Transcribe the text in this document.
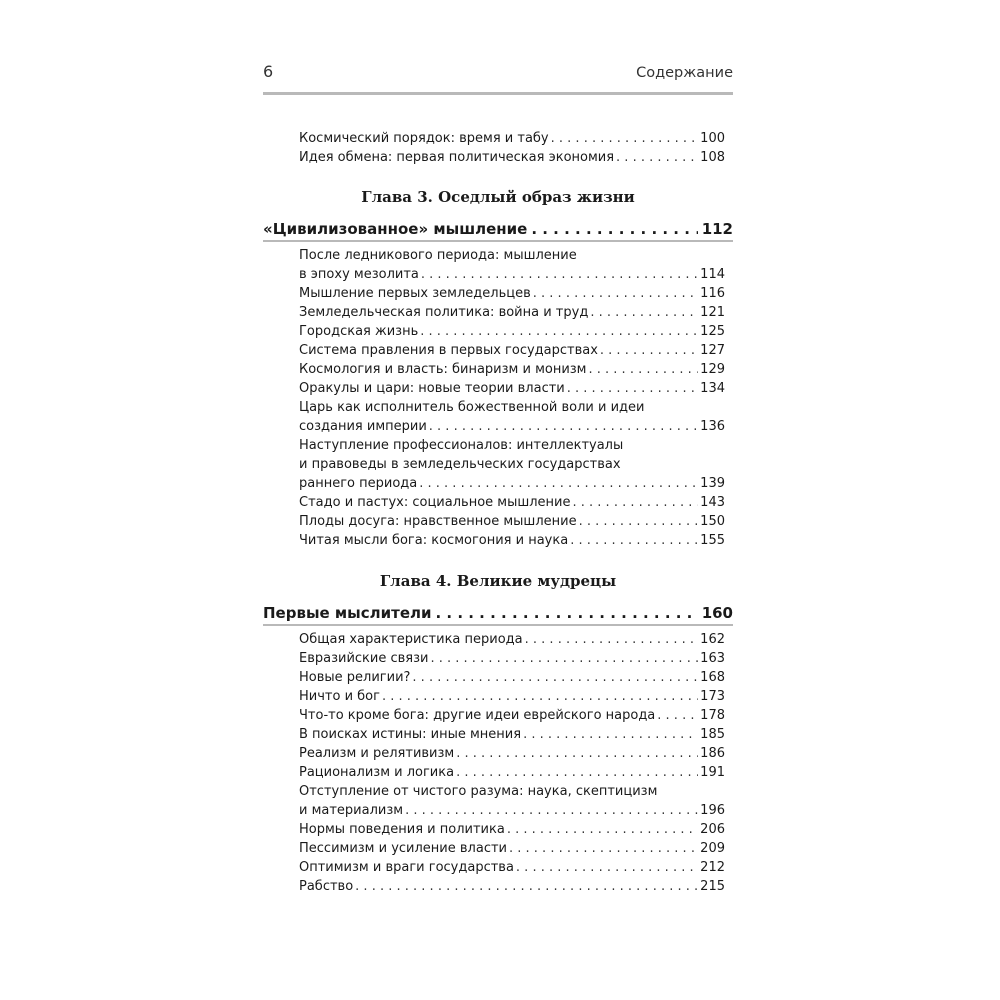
6	Содержание
Космический порядок: время и табу . . .	100
Идея обмена: первая политическая экономия . . .	108
Глава 3. Оседлый образ жизни
«Цивилизованное» мышление . . .	112
После ледникового периода: мышление
в эпоху мезолита . . .	114
Мышление первых земледельцев . . .	116
Земледельческая политика: война и труд . . .	121
Городская жизнь . . .	125
Система правления в первых государствах . . .	127
Космология и власть: бинаризм и монизм . . .	129
Оракулы и цари: новые теории власти . . .	134
Царь как исполнитель божественной воли и идеи
создания империи . . .	136
Наступление профессионалов: интеллектуалы
и правоведы в земледельческих государствах
раннего периода . . .	139
Стадо и пастух: социальное мышление . . .	143
Плоды досуга: нравственное мышление . . .	150
Читая мысли бога: космогония и наука . . .	155
Глава 4. Великие мудрецы
Первые мыслители . . .	160
Общая характеристика периода . . .	162
Евразийские связи . . .	163
Новые религии? . . .	168
Ничто и бог . . .	173
Что-то кроме бога: другие идеи еврейского народа . . .	178
В поисках истины: иные мнения . . .	185
Реализм и релятивизм . . .	186
Рационализм и логика . . .	191
Отступление от чистого разума: наука, скептицизм
и материализм . . .	196
Нормы поведения и политика . . .	206
Пессимизм и усиление власти . . .	209
Оптимизм и враги государства . . .	212
Рабство . . .	215
